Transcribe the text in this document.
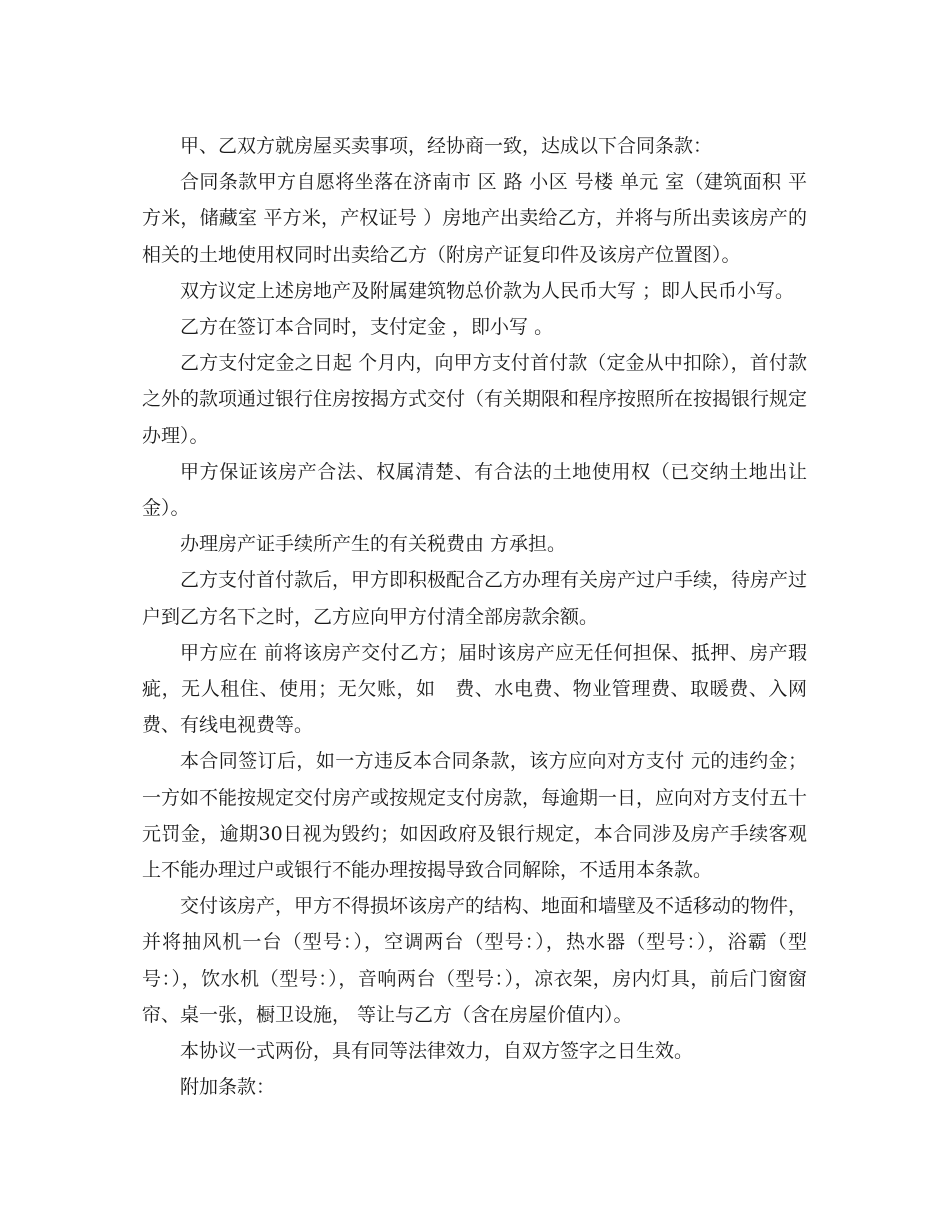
甲、乙双方就房屋买卖事项，经协商一致，达成以下合同条款：

合同条款甲方自愿将坐落在济南市 区 路 小区 号楼 单元 室（建筑面积 平方米，储藏室 平方米，产权证号 ）房地产出卖给乙方，并将与所出卖该房产的相关的土地使用权同时出卖给乙方（附房产证复印件及该房产位置图）。

双方议定上述房地产及附属建筑物总价款为人民币大写 ；即人民币小写。

乙方在签订本合同时，支付定金 ，即小写 。

乙方支付定金之日起 个月内，向甲方支付首付款（定金从中扣除），首付款之外的款项通过银行住房按揭方式交付（有关期限和程序按照所在按揭银行规定办理）。

甲方保证该房产合法、权属清楚、有合法的土地使用权（已交纳土地出让金）。

办理房产证手续所产生的有关税费由 方承担。

乙方支付首付款后，甲方即积极配合乙方办理有关房产过户手续，待房产过户到乙方名下之时，乙方应向甲方付清全部房款余额。

甲方应在 前将该房产交付乙方；届时该房产应无任何担保、抵押、房产瑕疵，无人租住、使用；无欠账，如　费、水电费、物业管理费、取暖费、入网费、有线电视费等。

本合同签订后，如一方违反本合同条款，该方应向对方支付 元的违约金；一方如不能按规定交付房产或按规定支付房款，每逾期一日，应向对方支付五十元罚金，逾期30日视为毁约；如因政府及银行规定，本合同涉及房产手续客观上不能办理过户或银行不能办理按揭导致合同解除，不适用本条款。

交付该房产，甲方不得损坏该房产的结构、地面和墙壁及不适移动的物件，并将抽风机一台（型号：），空调两台（型号：），热水器（型号：），浴霸（型号：），饮水机（型号：），音响两台（型号：），凉衣架，房内灯具，前后门窗窗帘、桌一张，橱卫设施， 等让与乙方（含在房屋价值内）。

本协议一式两份，具有同等法律效力，自双方签字之日生效。

附加条款：
